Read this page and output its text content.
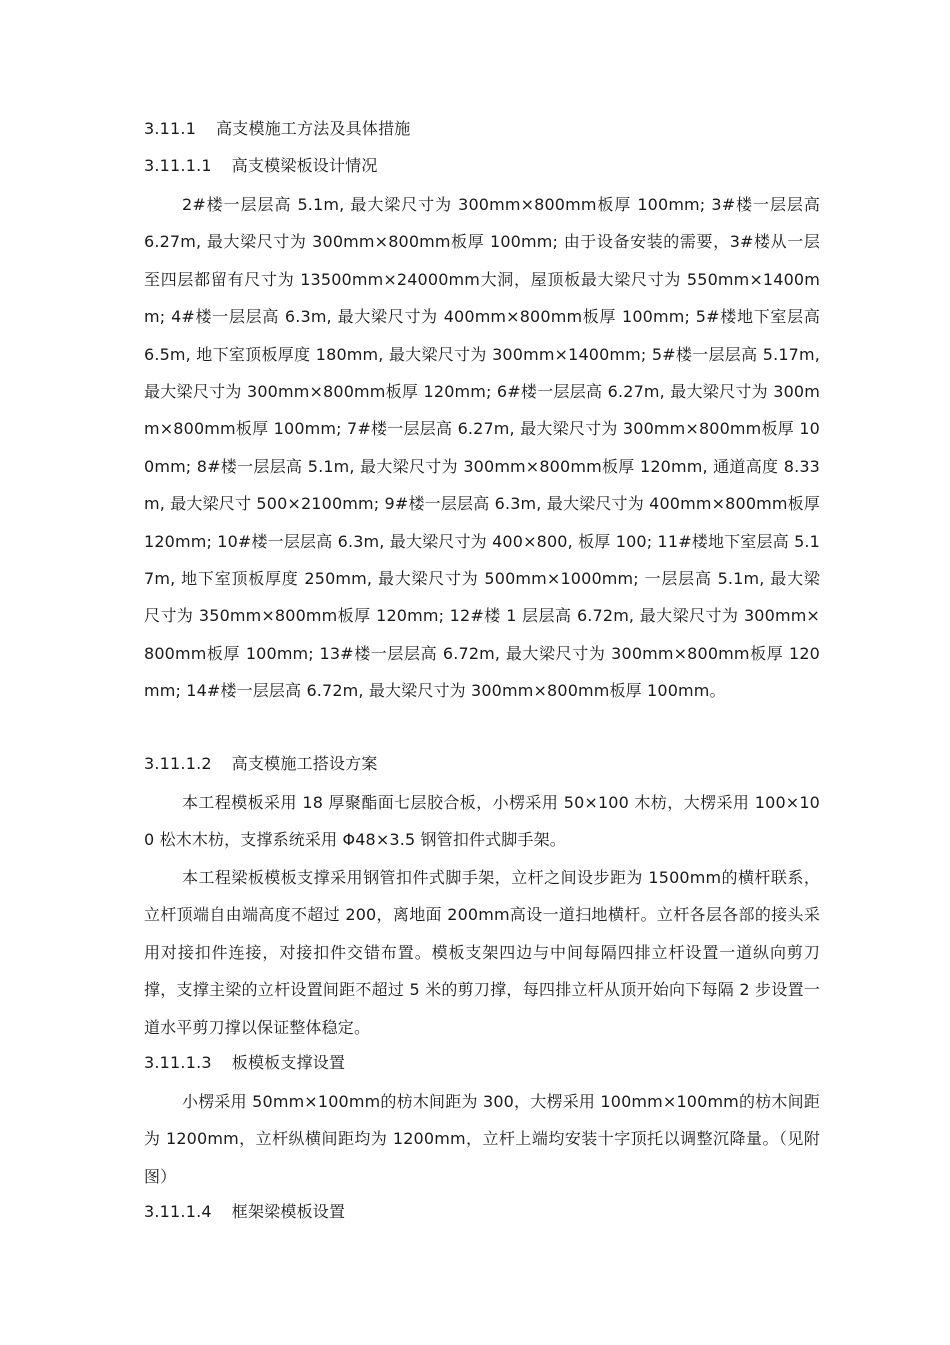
3.11.1 高支模施工方法及具体措施
3.11.1.1 高支模梁板设计情况

2#楼一层层高 5.1m, 最大梁尺寸为 300mm×800mm板厚 100mm; 3#楼一层层高 6.27m, 最大梁尺寸为 300mm×800mm板厚 100mm; 由于设备安装的需要，3#楼从一层至四层都留有尺寸为 13500mm×24000mm大洞，屋顶板最大梁尺寸为 550mm×1400mm; 4#楼一层层高 6.3m, 最大梁尺寸为 400mm×800mm板厚 100mm; 5#楼地下室层高 6.5m, 地下室顶板厚度 180mm, 最大梁尺寸为 300mm×1400mm; 5#楼一层层高 5.17m, 最大梁尺寸为 300mm×800mm板厚 120mm; 6#楼一层层高 6.27m, 最大梁尺寸为 300mm×800mm板厚 100mm; 7#楼一层层高 6.27m, 最大梁尺寸为 300mm×800mm板厚 100mm; 8#楼一层层高 5.1m, 最大梁尺寸为 300mm×800mm板厚 120mm, 通道高度 8.33m, 最大梁尺寸 500×2100mm; 9#楼一层层高 6.3m, 最大梁尺寸为 400mm×800mm板厚 120mm; 10#楼一层层高 6.3m, 最大梁尺寸为 400×800, 板厚 100; 11#楼地下室层高 5.17m, 地下室顶板厚度 250mm, 最大梁尺寸为 500mm×1000mm; 一层层高 5.1m, 最大梁尺寸为 350mm×800mm板厚 120mm; 12#楼 1 层层高 6.72m, 最大梁尺寸为 300mm×800mm板厚 100mm; 13#楼一层层高 6.72m, 最大梁尺寸为 300mm×800mm板厚 120mm; 14#楼一层层高 6.72m, 最大梁尺寸为 300mm×800mm板厚 100mm。

3.11.1.2 高支模施工搭设方案

本工程模板采用 18 厚聚酯面七层胶合板，小楞采用 50×100 木枋，大楞采用 100×100 松木木枋，支撑系统采用 Φ48×3.5 钢管扣件式脚手架。

本工程梁板模板支撑采用钢管扣件式脚手架，立杆之间设步距为 1500mm的横杆联系，立杆顶端自由端高度不超过 200，离地面 200mm高设一道扫地横杆。立杆各层各部的接头采用对接扣件连接，对接扣件交错布置。模板支架四边与中间每隔四排立杆设置一道纵向剪刀撑，支撑主梁的立杆设置间距不超过 5 米的剪刀撑，每四排立杆从顶开始向下每隔 2 步设置一道水平剪刀撑以保证整体稳定。

3.11.1.3 板模板支撑设置

小楞采用 50mm×100mm的枋木间距为 300，大楞采用 100mm×100mm的枋木间距为 1200mm，立杆纵横间距均为 1200mm，立杆上端均安装十字顶托以调整沉降量。（见附图）

3.11.1.4 框架梁模板设置
